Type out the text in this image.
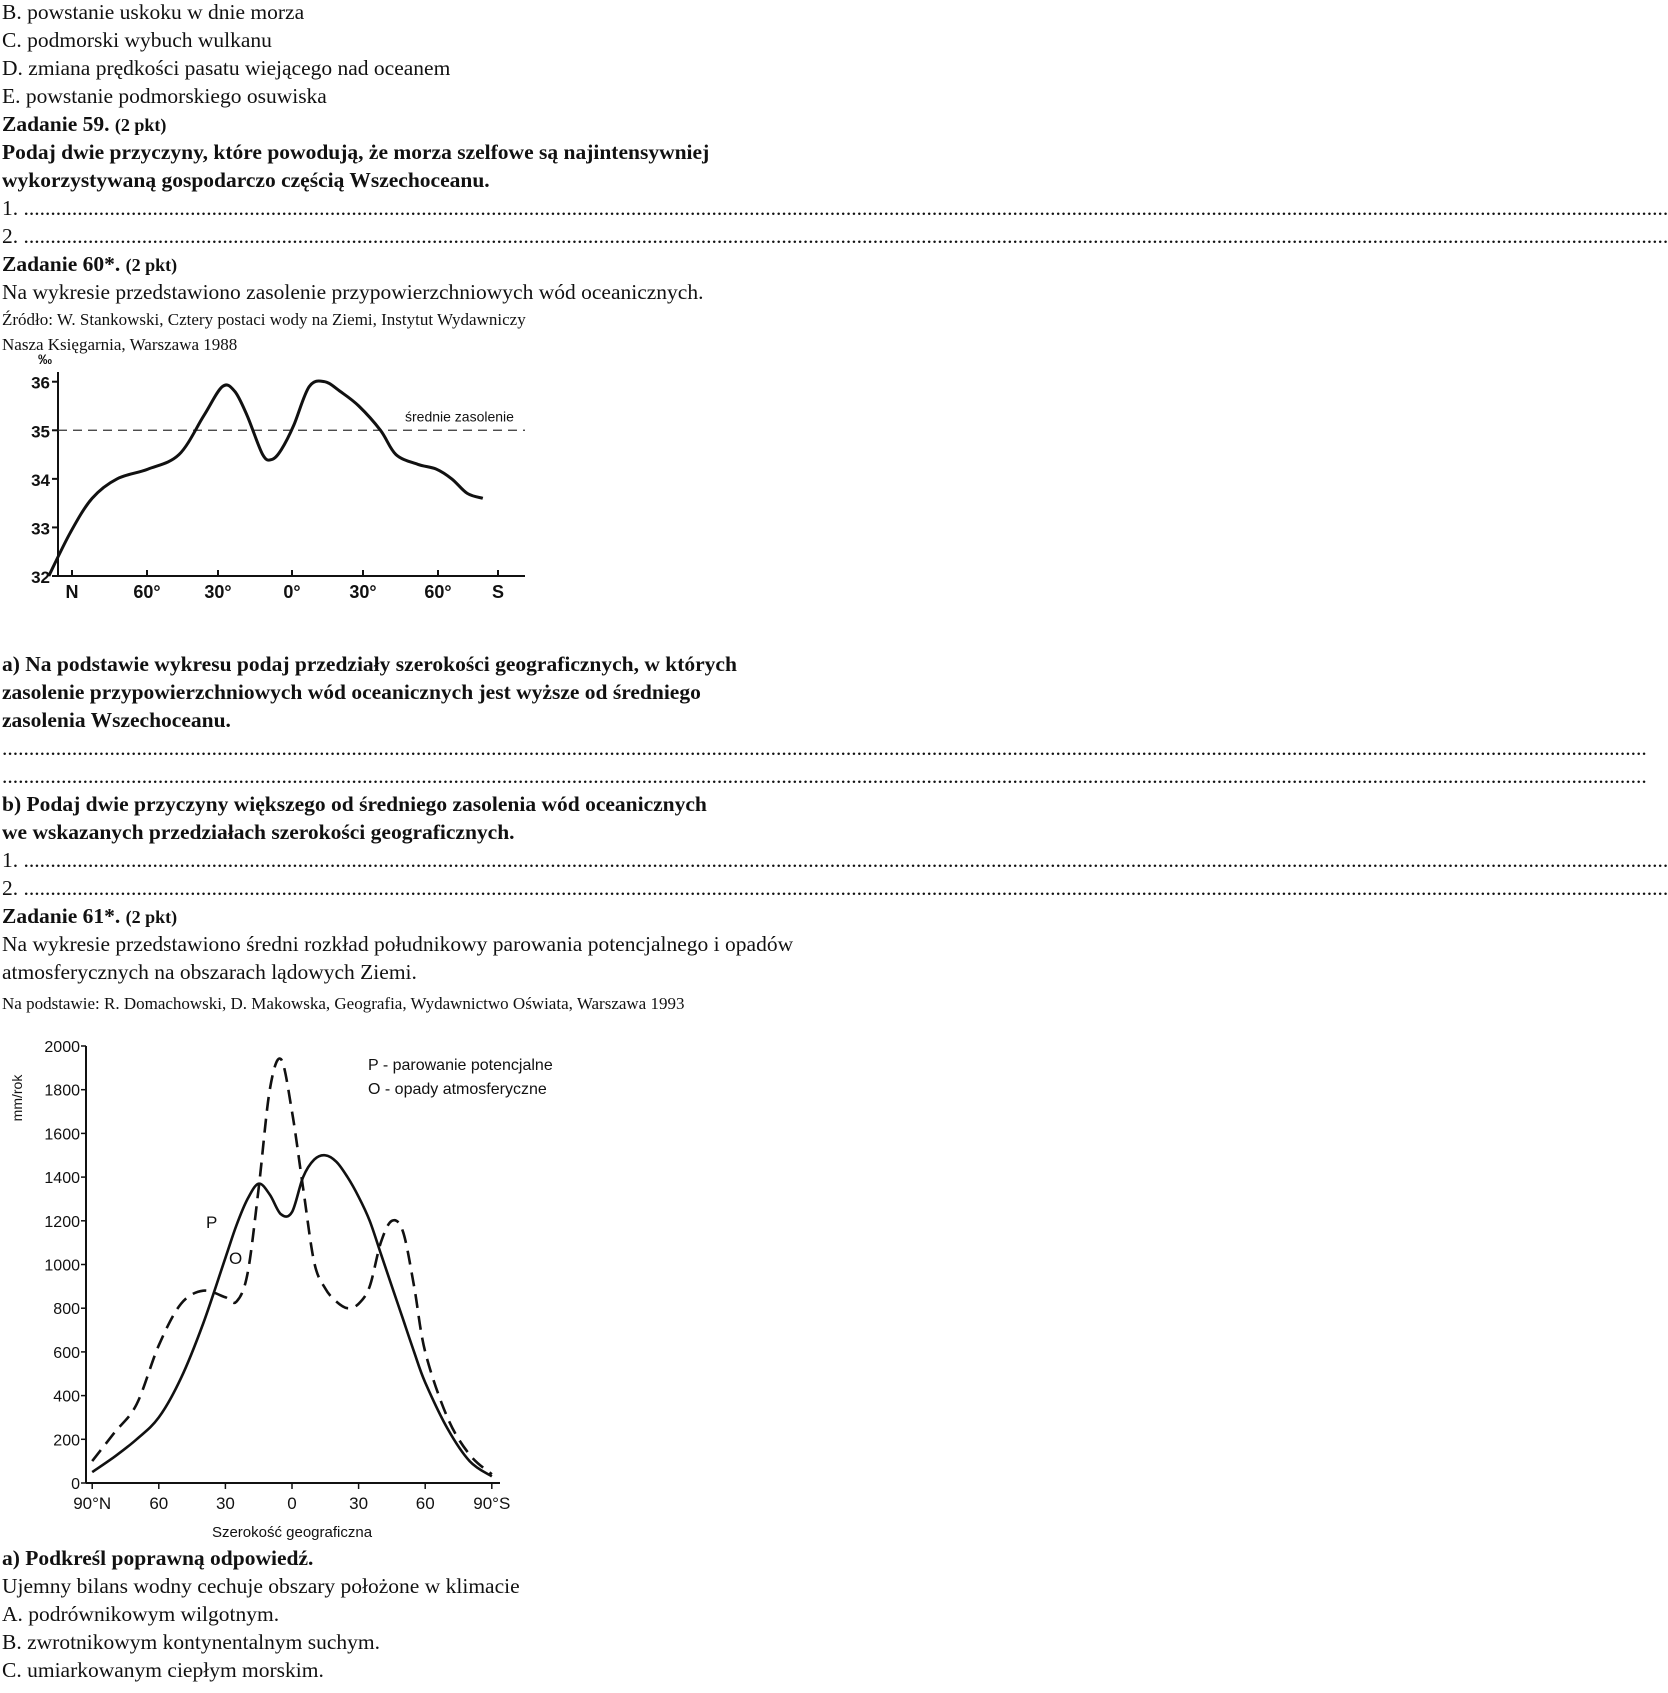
B. powstanie uskoku w dnie morza
C. podmorski wybuch wulkanu
D. zmiana prędkości pasatu wiejącego nad oceanem
E. powstanie podmorskiego osuwiska
Zadanie 59. (2 pkt)
Podaj dwie przyczyny, które powodują, że morza szelfowe są najintensywniej
wykorzystywaną gospodarczo częścią Wszechoceanu.
1. ..................................................................................................................................................................................................................................................................................................................
2. ..................................................................................................................................................................................................................................................................................................................
Zadanie 60*. (2 pkt)
Na wykresie przedstawiono zasolenie przypowierzchniowych wód oceanicznych.
Źródło: W. Stankowski, Cztery postaci wody na Ziemi, Instytut Wydawniczy
Nasza Księgarnia, Warszawa 1988
‰
32
33
34
35
36
N	60° 30°	0°	30°	60° S
średnie zasolenie
a) Na podstawie wykresu podaj przedziały szerokości geograficznych, w których
zasolenie przypowierzchniowych wód oceanicznych jest wyższe od średniego
zasolenia Wszechoceanu.
..................................................................................................................................................................................................................................................................................................................
..................................................................................................................................................................................................................................................................................................................
b) Podaj dwie przyczyny większego od średniego zasolenia wód oceanicznych
we wskazanych przedziałach szerokości geograficznych.
1. ..................................................................................................................................................................................................................................................................................................................
2. ..................................................................................................................................................................................................................................................................................................................
Zadanie 61*. (2 pkt)
Na wykresie przedstawiono średni rozkład południkowy parowania potencjalnego i opadów
atmosferycznych na obszarach lądowych Ziemi.
Na podstawie: R. Domachowski, D. Makowska, Geografia, Wydawnictwo Oświata, Warszawa 1993
0
200
400
600
800
1000
1200
1400
1600
1800
2000
mm/rok
90°N 60	30	0	30	60 90°S
Szerokość geograficzna
P - parowanie potencjalne
O - opady atmosferyczne
P
O
a) Podkreśl poprawną odpowiedź.
Ujemny bilans wodny cechuje obszary położone w klimacie
A. podrównikowym wilgotnym.
B. zwrotnikowym kontynentalnym suchym.
C. umiarkowanym ciepłym morskim.
